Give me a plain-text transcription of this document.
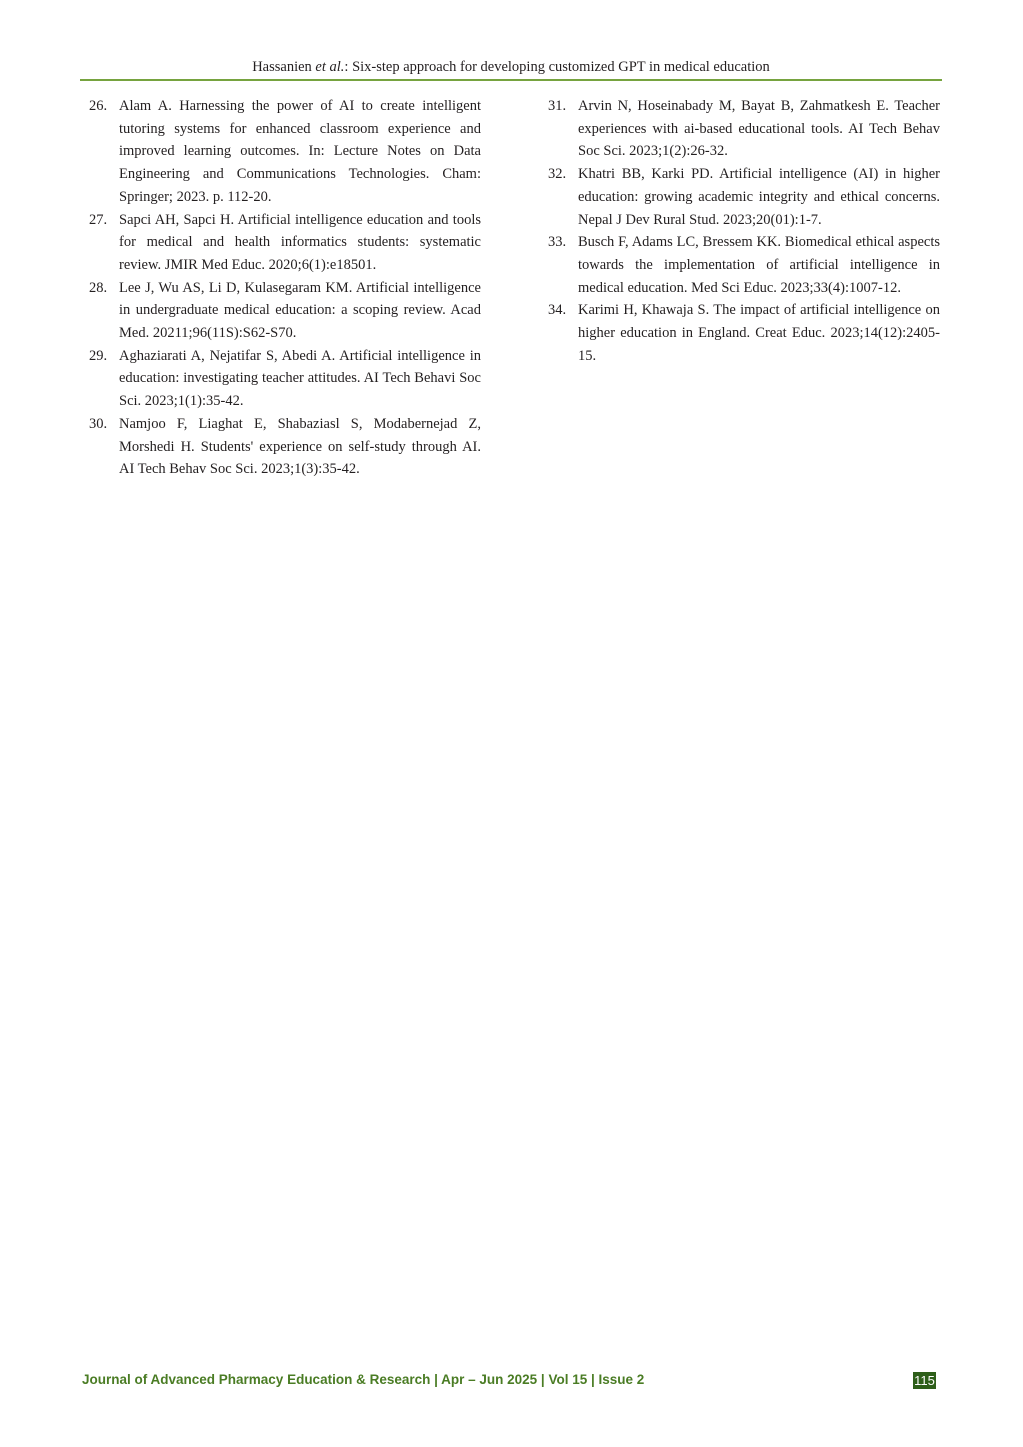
Hassanien et al.: Six-step approach for developing customized GPT in medical education
26. Alam A. Harnessing the power of AI to create intelligent tutoring systems for enhanced classroom experience and improved learning outcomes. In: Lecture Notes on Data Engineering and Communications Technologies. Cham: Springer; 2023. p. 112-20.
27. Sapci AH, Sapci H. Artificial intelligence education and tools for medical and health informatics students: systematic review. JMIR Med Educ. 2020;6(1):e18501.
28. Lee J, Wu AS, Li D, Kulasegaram KM. Artificial intelligence in undergraduate medical education: a scoping review. Acad Med. 20211;96(11S):S62-S70.
29. Aghaziarati A, Nejatifar S, Abedi A. Artificial intelligence in education: investigating teacher attitudes. AI Tech Behavi Soc Sci. 2023;1(1):35-42.
30. Namjoo F, Liaghat E, Shabaziasl S, Modabernejad Z, Morshedi H. Students' experience on self-study through AI. AI Tech Behav Soc Sci. 2023;1(3):35-42.
31. Arvin N, Hoseinabady M, Bayat B, Zahmatkesh E. Teacher experiences with ai-based educational tools. AI Tech Behav Soc Sci. 2023;1(2):26-32.
32. Khatri BB, Karki PD. Artificial intelligence (AI) in higher education: growing academic integrity and ethical concerns. Nepal J Dev Rural Stud. 2023;20(01):1-7.
33. Busch F, Adams LC, Bressem KK. Biomedical ethical aspects towards the implementation of artificial intelligence in medical education. Med Sci Educ. 2023;33(4):1007-12.
34. Karimi H, Khawaja S. The impact of artificial intelligence on higher education in England. Creat Educ. 2023;14(12):2405-15.
Journal of Advanced Pharmacy Education & Research | Apr – Jun 2025 | Vol 15 | Issue 2	115
